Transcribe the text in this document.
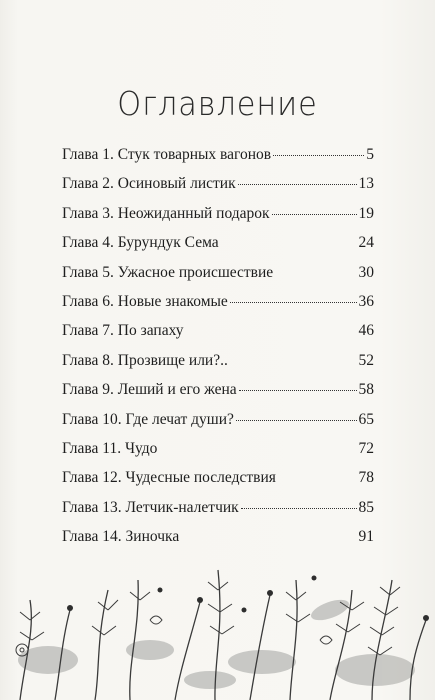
Оглавление
Глава 1. Стук товарных вагонов	5
Глава 2. Осиновый листик	13
Глава 3. Неожиданный подарок	19
Глава 4. Бурундук Сема	24
Глава 5. Ужасное происшествие	30
Глава 6. Новые знакомые	36
Глава 7. По запаху	46
Глава 8. Прозвище или?..	52
Глава 9. Леший и его жена	58
Глава 10. Где лечат души?	65
Глава 11. Чудо	72
Глава 12. Чудесные последствия	78
Глава 13. Летчик-налетчик	85
Глава 14. Зиночка	91
